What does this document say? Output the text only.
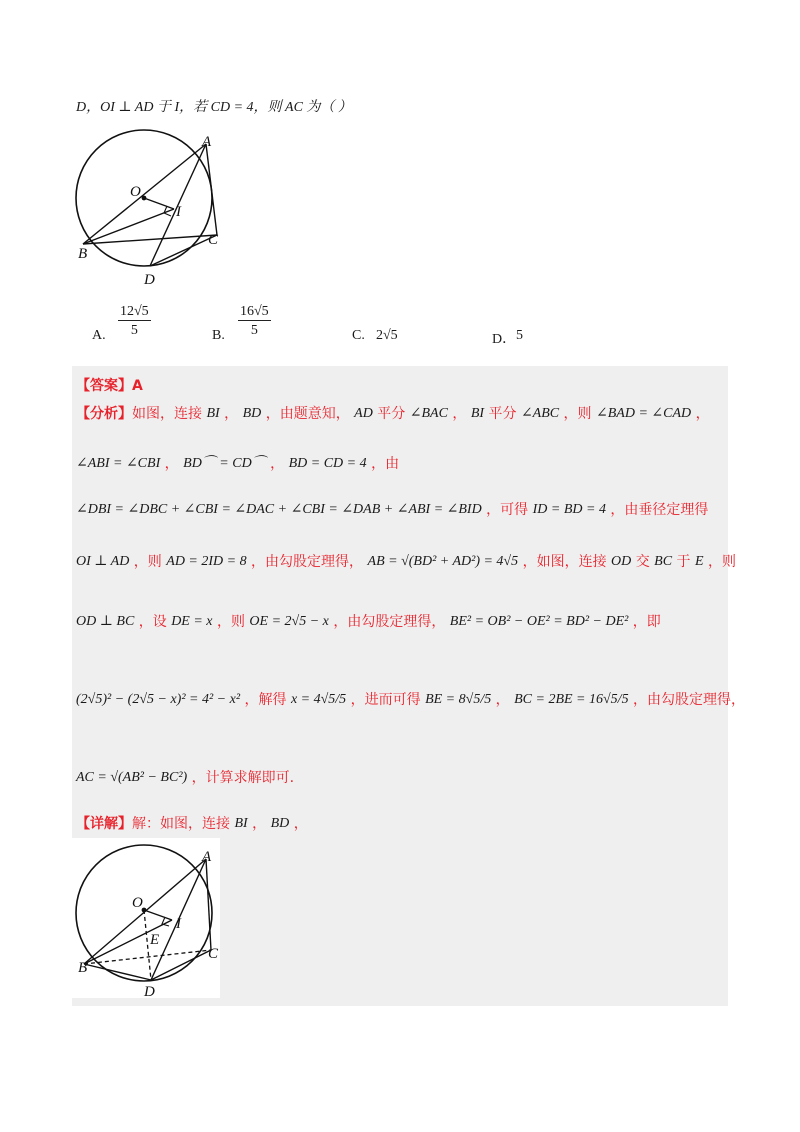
D，OI ⊥ AD 于 I，若 CD = 4，则 AC 为（ ）
A
O
I
B
C
D
A. $\frac{12√5}{5}$	B. $\frac{16√5}{5}$	C. 2√5	D． 5
【答案】A
【分析】如图，连接 BI ， BD ，由题意知， AD 平分 ∠BAC ， BI 平分 ∠ABC ，则 ∠BAD = ∠CAD ，
∠ABI = ∠CBI ， BD⌒ = CD⌒ ， BD = CD = 4 ，由
∠DBI = ∠DBC + ∠CBI = ∠DAC + ∠CBI = ∠DAB + ∠ABI = ∠BID ，可得 ID = BD = 4 ，由垂径定理得
OI ⊥ AD ，则 AD = 2ID = 8 ，由勾股定理得， AB = √(BD² + AD²) = 4√5 ，如图，连接 OD 交 BC 于 E ，则
OD ⊥ BC ，设 DE = x ，则 OE = 2√5 − x ，由勾股定理得， BE² = OB² − OE² = BD² − DE² ，即
(2√5)² − (2√5 − x)² = 4² − x² ，解得 x = 4√5/5 ，进而可得 BE = 8√5/5 ， BC = 2BE = 16√5/5 ，由勾股定理得，
AC = √(AB² − BC²) ，计算求解即可.
【详解】解：如图，连接 BI ， BD ，
A
O
I
E
B
C
D
